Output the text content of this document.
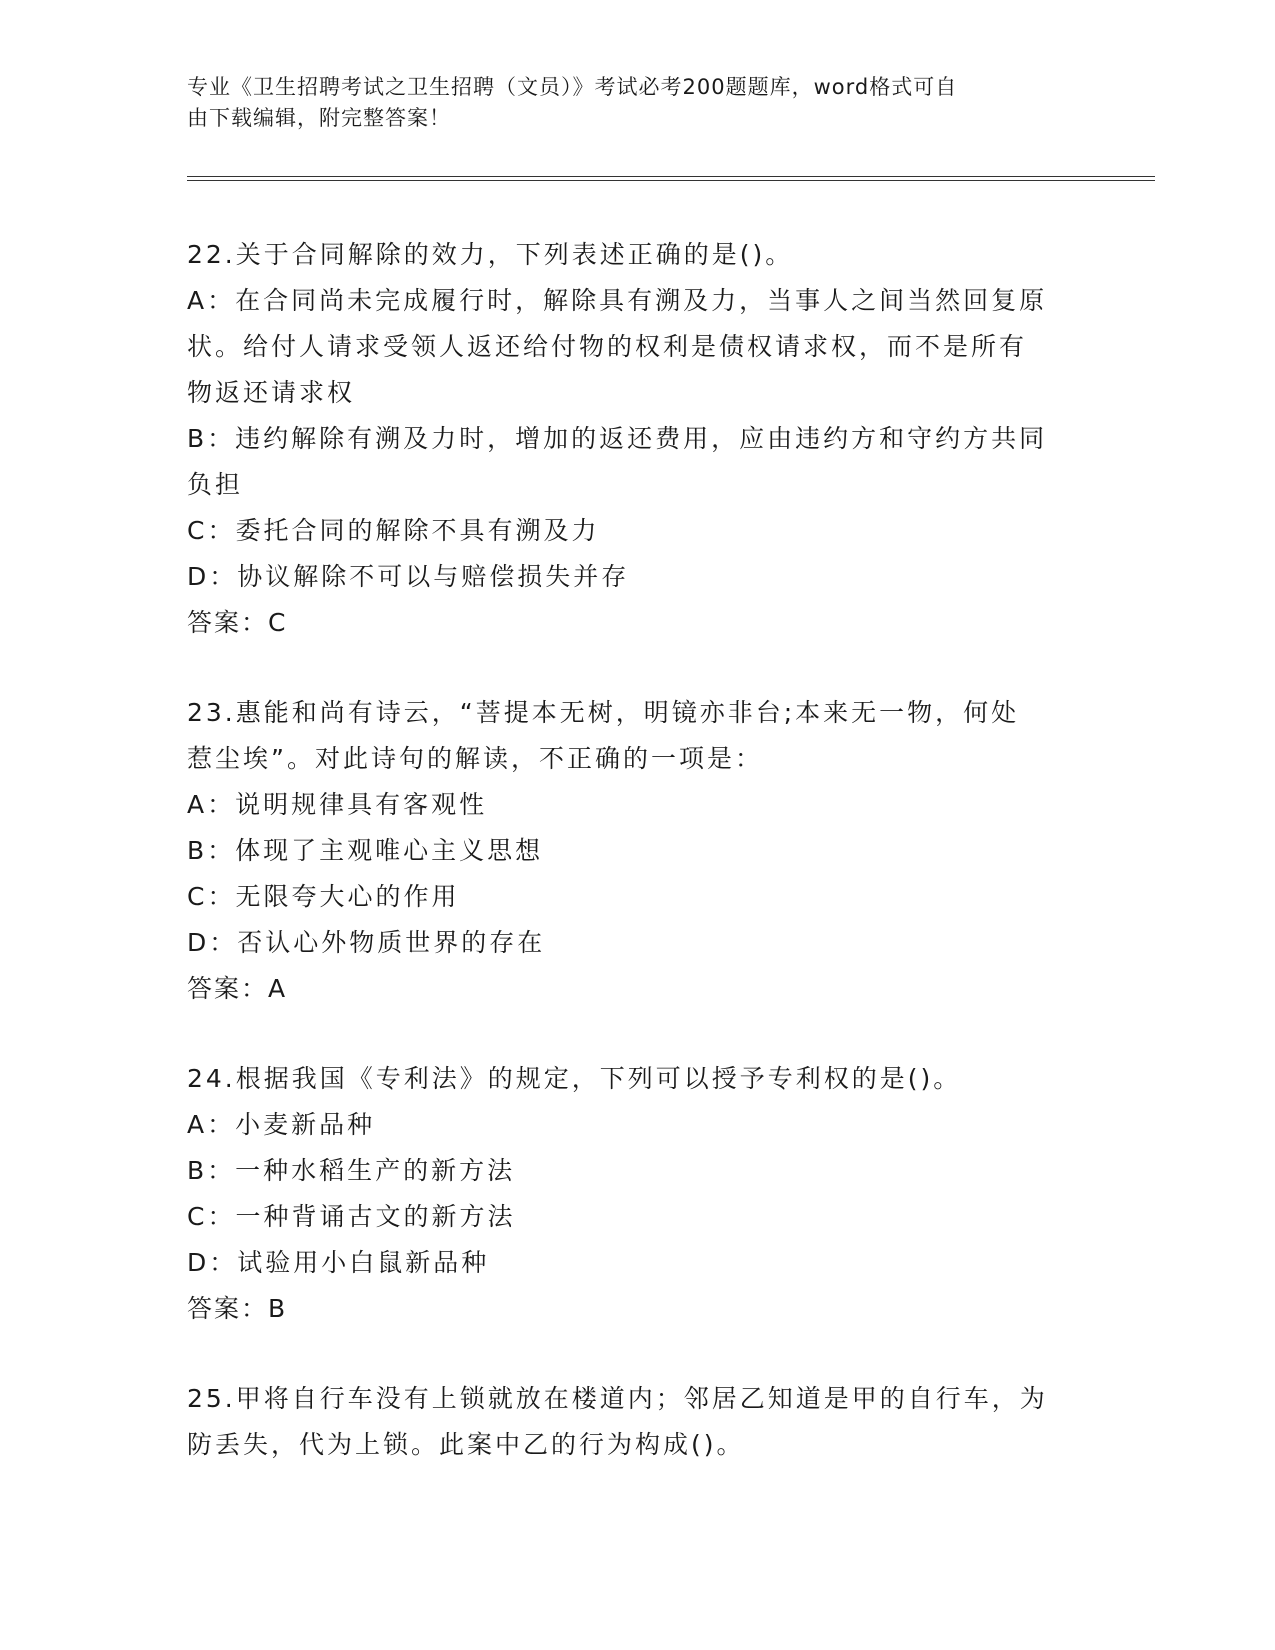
专业《卫生招聘考试之卫生招聘（文员）》考试必考200题题库，word格式可自
由下载编辑，附完整答案！
22.关于合同解除的效力，下列表述正确的是()。
A：在合同尚未完成履行时，解除具有溯及力，当事人之间当然回复原
状。给付人请求受领人返还给付物的权利是债权请求权，而不是所有
物返还请求权
B：违约解除有溯及力时，增加的返还费用，应由违约方和守约方共同
负担
C：委托合同的解除不具有溯及力
D：协议解除不可以与赔偿损失并存
答案：C
23.惠能和尚有诗云，“菩提本无树，明镜亦非台;本来无一物，何处
惹尘埃”。对此诗句的解读，不正确的一项是：
A：说明规律具有客观性
B：体现了主观唯心主义思想
C：无限夸大心的作用
D：否认心外物质世界的存在
答案：A
24.根据我国《专利法》的规定，下列可以授予专利权的是()。
A：小麦新品种
B：一种水稻生产的新方法
C：一种背诵古文的新方法
D：试验用小白鼠新品种
答案：B
25.甲将自行车没有上锁就放在楼道内；邻居乙知道是甲的自行车，为
防丢失，代为上锁。此案中乙的行为构成()。
